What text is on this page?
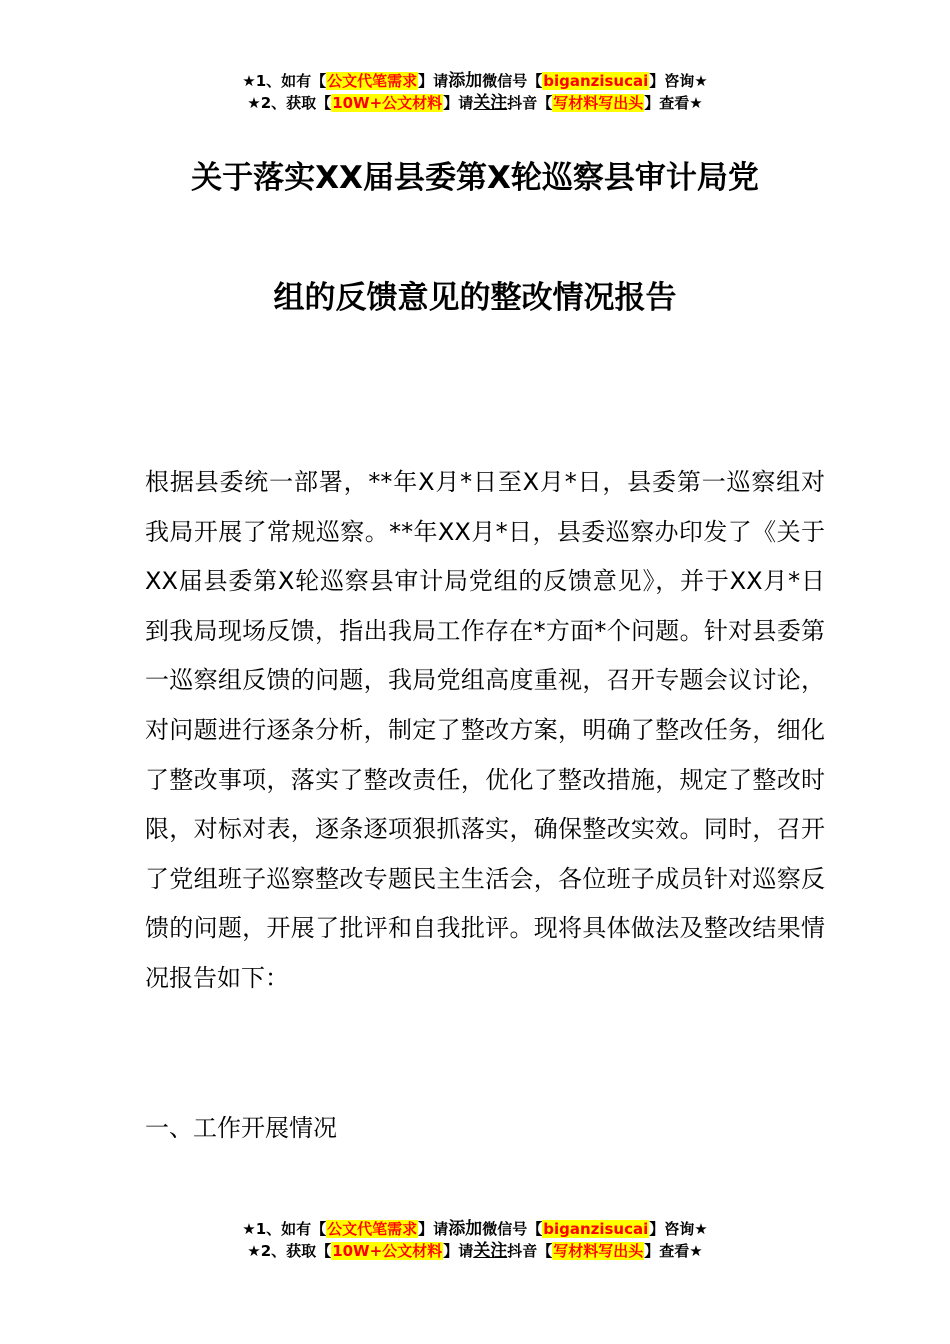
★1、如有【公文代笔需求】请添加微信号【biganzisucai】咨询★
★2、获取【10W+公文材料】请关注抖音【写材料写出头】查看★
关于落实XX届县委第X轮巡察县审计局党
组的反馈意见的整改情况报告
根据县委统一部署，**年X月*日至X月*日，县委第一巡察组对我局开展了常规巡察。**年XX月*日，县委巡察办印发了《关于XX届县委第X轮巡察县审计局党组的反馈意见》，并于XX月*日到我局现场反馈，指出我局工作存在*方面*个问题。针对县委第一巡察组反馈的问题，我局党组高度重视，召开专题会议讨论，对问题进行逐条分析，制定了整改方案，明确了整改任务，细化了整改事项，落实了整改责任，优化了整改措施，规定了整改时限，对标对表，逐条逐项狠抓落实，确保整改实效。同时，召开了党组班子巡察整改专题民主生活会，各位班子成员针对巡察反馈的问题，开展了批评和自我批评。现将具体做法及整改结果情况报告如下：
一、工作开展情况
★1、如有【公文代笔需求】请添加微信号【biganzisucai】咨询★
★2、获取【10W+公文材料】请关注抖音【写材料写出头】查看★
